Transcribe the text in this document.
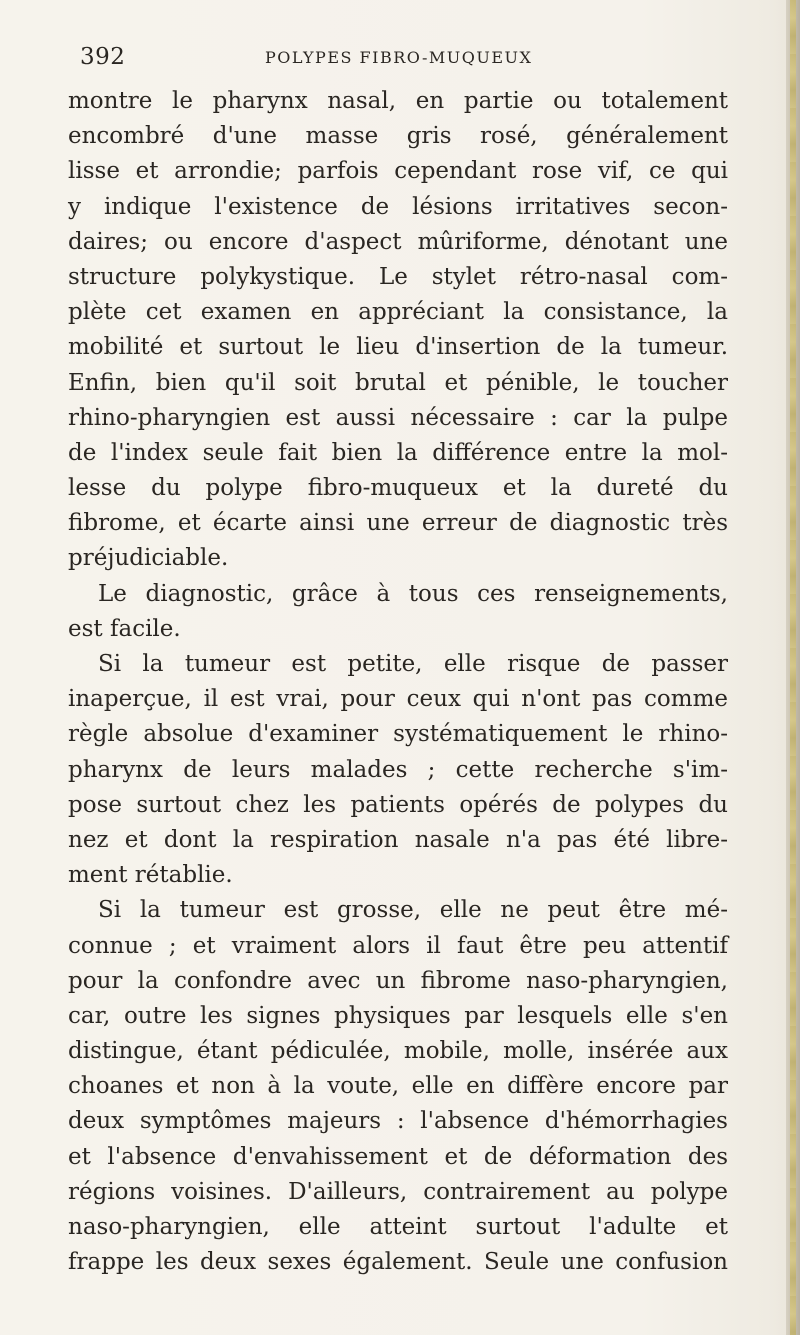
392	POLYPES FIBRO-MUQUEUX
montre le pharynx nasal, en partie ou totalement
encombré d'une masse gris rosé, généralement
lisse et arrondie; parfois cependant rose vif, ce qui
y indique l'existence de lésions irritatives secon-
daires; ou encore d'aspect mûriforme, dénotant une
structure polykystique. Le stylet rétro-nasal com-
plète cet examen en appréciant la consistance, la
mobilité et surtout le lieu d'insertion de la tumeur.
Enfin, bien qu'il soit brutal et pénible, le toucher
rhino-pharyngien est aussi nécessaire : car la pulpe
de l'index seule fait bien la différence entre la mol-
lesse du polype fibro-muqueux et la dureté du
fibrome, et écarte ainsi une erreur de diagnostic très
préjudiciable.
Le diagnostic, grâce à tous ces renseignements,
est facile.
Si la tumeur est petite, elle risque de passer
inaperçue, il est vrai, pour ceux qui n'ont pas comme
règle absolue d'examiner systématiquement le rhino-
pharynx de leurs malades ; cette recherche s'im-
pose surtout chez les patients opérés de polypes du
nez et dont la respiration nasale n'a pas été libre-
ment rétablie.
Si la tumeur est grosse, elle ne peut être mé-
connue ; et vraiment alors il faut être peu attentif
pour la confondre avec un fibrome naso-pharyngien,
car, outre les signes physiques par lesquels elle s'en
distingue, étant pédiculée, mobile, molle, insérée aux
choanes et non à la voute, elle en diffère encore par
deux symptômes majeurs : l'absence d'hémorrhagies
et l'absence d'envahissement et de déformation des
régions voisines. D'ailleurs, contrairement au polype
naso-pharyngien, elle atteint surtout l'adulte et
frappe les deux sexes également. Seule une confusion
